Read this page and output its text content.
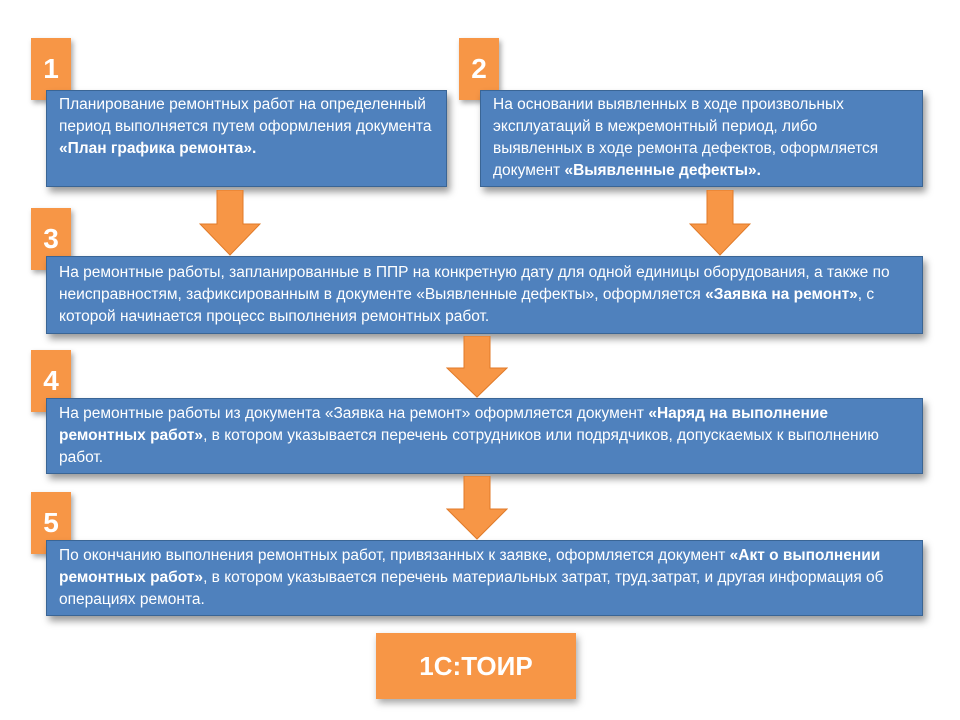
1	2
3
4
5
Планирование ремонтных работ на определенный период выполняется путем оформления документа «План графика ремонта».
На основании выявленных в ходе произвольных эксплуатаций в межремонтный период, либо выявленных в ходе ремонта дефектов, оформляется документ «Выявленные дефекты».
На ремонтные работы, запланированные в ППР на конкретную дату для одной единицы оборудования, а также по неисправностям, зафиксированным в документе «Выявленные дефекты», оформляется «Заявка на ремонт», с которой начинается процесс выполнения ремонтных работ.
На ремонтные работы из документа «Заявка на ремонт» оформляется документ «Наряд на выполнение ремонтных работ», в котором указывается перечень сотрудников или подрядчиков, допускаемых к выполнению работ.
По окончанию выполнения ремонтных работ, привязанных к заявке, оформляется документ «Акт о выполнении ремонтных работ», в котором указывается перечень материальных затрат, труд.затрат, и другая информация об операциях ремонта.
1С:ТОИР
